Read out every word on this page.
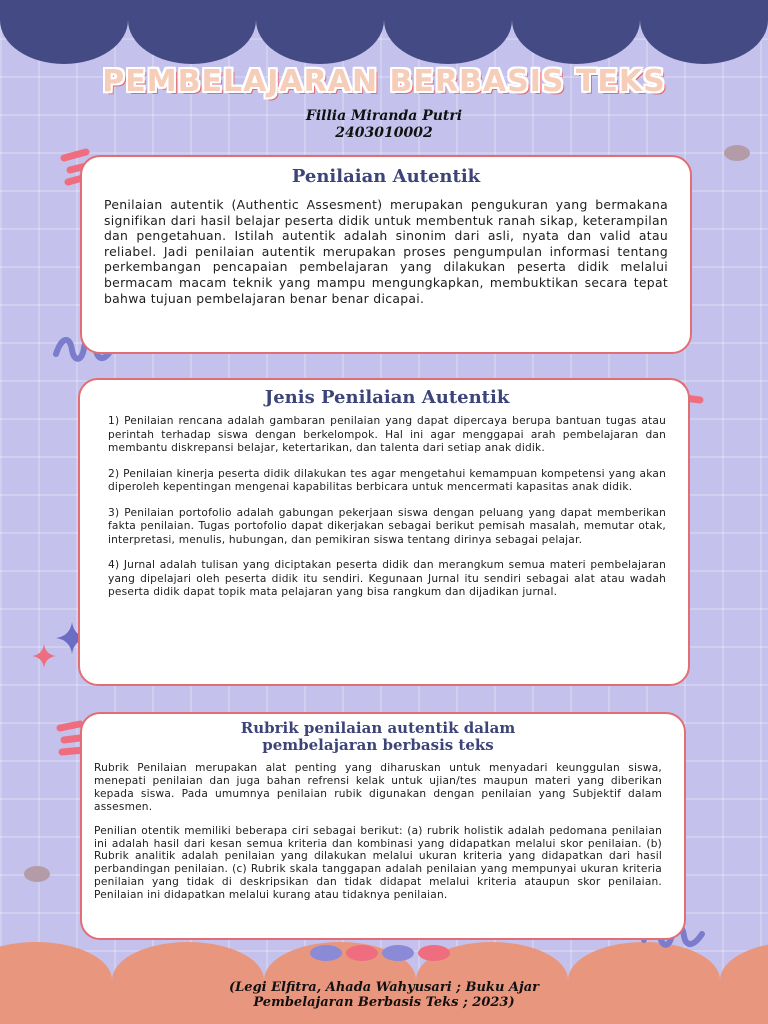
PEMBELAJARAN BERBASIS TEKS
Fillia Miranda Putri
2403010002
Penilaian Autentik

Penilaian autentik (Authentic Assesment) merupakan pengukuran yang bermakana signifikan dari hasil belajar peserta didik untuk membentuk ranah sikap, keterampilan dan pengetahuan. Istilah autentik adalah sinonim dari asli, nyata dan valid atau reliabel. Jadi penilaian autentik merupakan proses pengumpulan informasi tentang perkembangan pencapaian pembelajaran yang dilakukan peserta didik melalui bermacam macam teknik yang mampu mengungkapkan, membuktikan secara tepat bahwa tujuan pembelajaran benar benar dicapai.

Jenis Penilaian Autentik

1) Penilaian rencana adalah gambaran penilaian yang dapat dipercaya berupa bantuan tugas atau perintah terhadap siswa dengan berkelompok. Hal ini agar menggapai arah pembelajaran dan membantu diskrepansi belajar, ketertarikan, dan talenta dari setiap anak didik.

2) Penilaian kinerja peserta didik dilakukan tes agar mengetahui kemampuan kompetensi yang akan diperoleh kepentingan mengenai kapabilitas berbicara untuk mencermati kapasitas anak didik.

3) Penilaian portofolio adalah gabungan pekerjaan siswa dengan peluang yang dapat memberikan fakta penilaian. Tugas portofolio dapat dikerjakan sebagai berikut pemisah masalah, memutar otak, interpretasi, menulis, hubungan, dan pemikiran siswa tentang dirinya sebagai pelajar.

4) Jurnal adalah tulisan yang diciptakan peserta didik dan merangkum semua materi pembelajaran yang dipelajari oleh peserta didik itu sendiri. Kegunaan Jurnal itu sendiri sebagai alat atau wadah peserta didik dapat topik mata pelajaran yang bisa rangkum dan dijadikan jurnal.

Rubrik penilaian autentik dalam
pembelajaran berbasis teks

Rubrik Penilaian merupakan alat penting yang diharuskan untuk menyadari keunggulan siswa, menepati penilaian dan juga bahan refrensi kelak untuk ujian/tes maupun materi yang diberikan kepada siswa. Pada umumnya penilaian rubik digunakan dengan penilaian yang Subjektif dalam assesmen.

Penilian otentik memiliki beberapa ciri sebagai berikut: (a) rubrik holistik adalah pedomana penilaian ini adalah hasil dari kesan semua kriteria dan kombinasi yang didapatkan melalui skor penilaian. (b) Rubrik analitik adalah penilaian yang dilakukan melalui ukuran kriteria yang didapatkan dari hasil perbandingan penilaian. (c) Rubrik skala tanggapan adalah penilaian yang mempunyai ukuran kriteria penilaian yang tidak di deskripsikan dan tidak didapat melalui kriteria ataupun skor penilaian. Penilaian ini didapatkan melalui kurang atau tidaknya penilaian.

(Legi Elfitra, Ahada Wahyusari ; Buku Ajar
Pembelajaran Berbasis Teks ; 2023)
